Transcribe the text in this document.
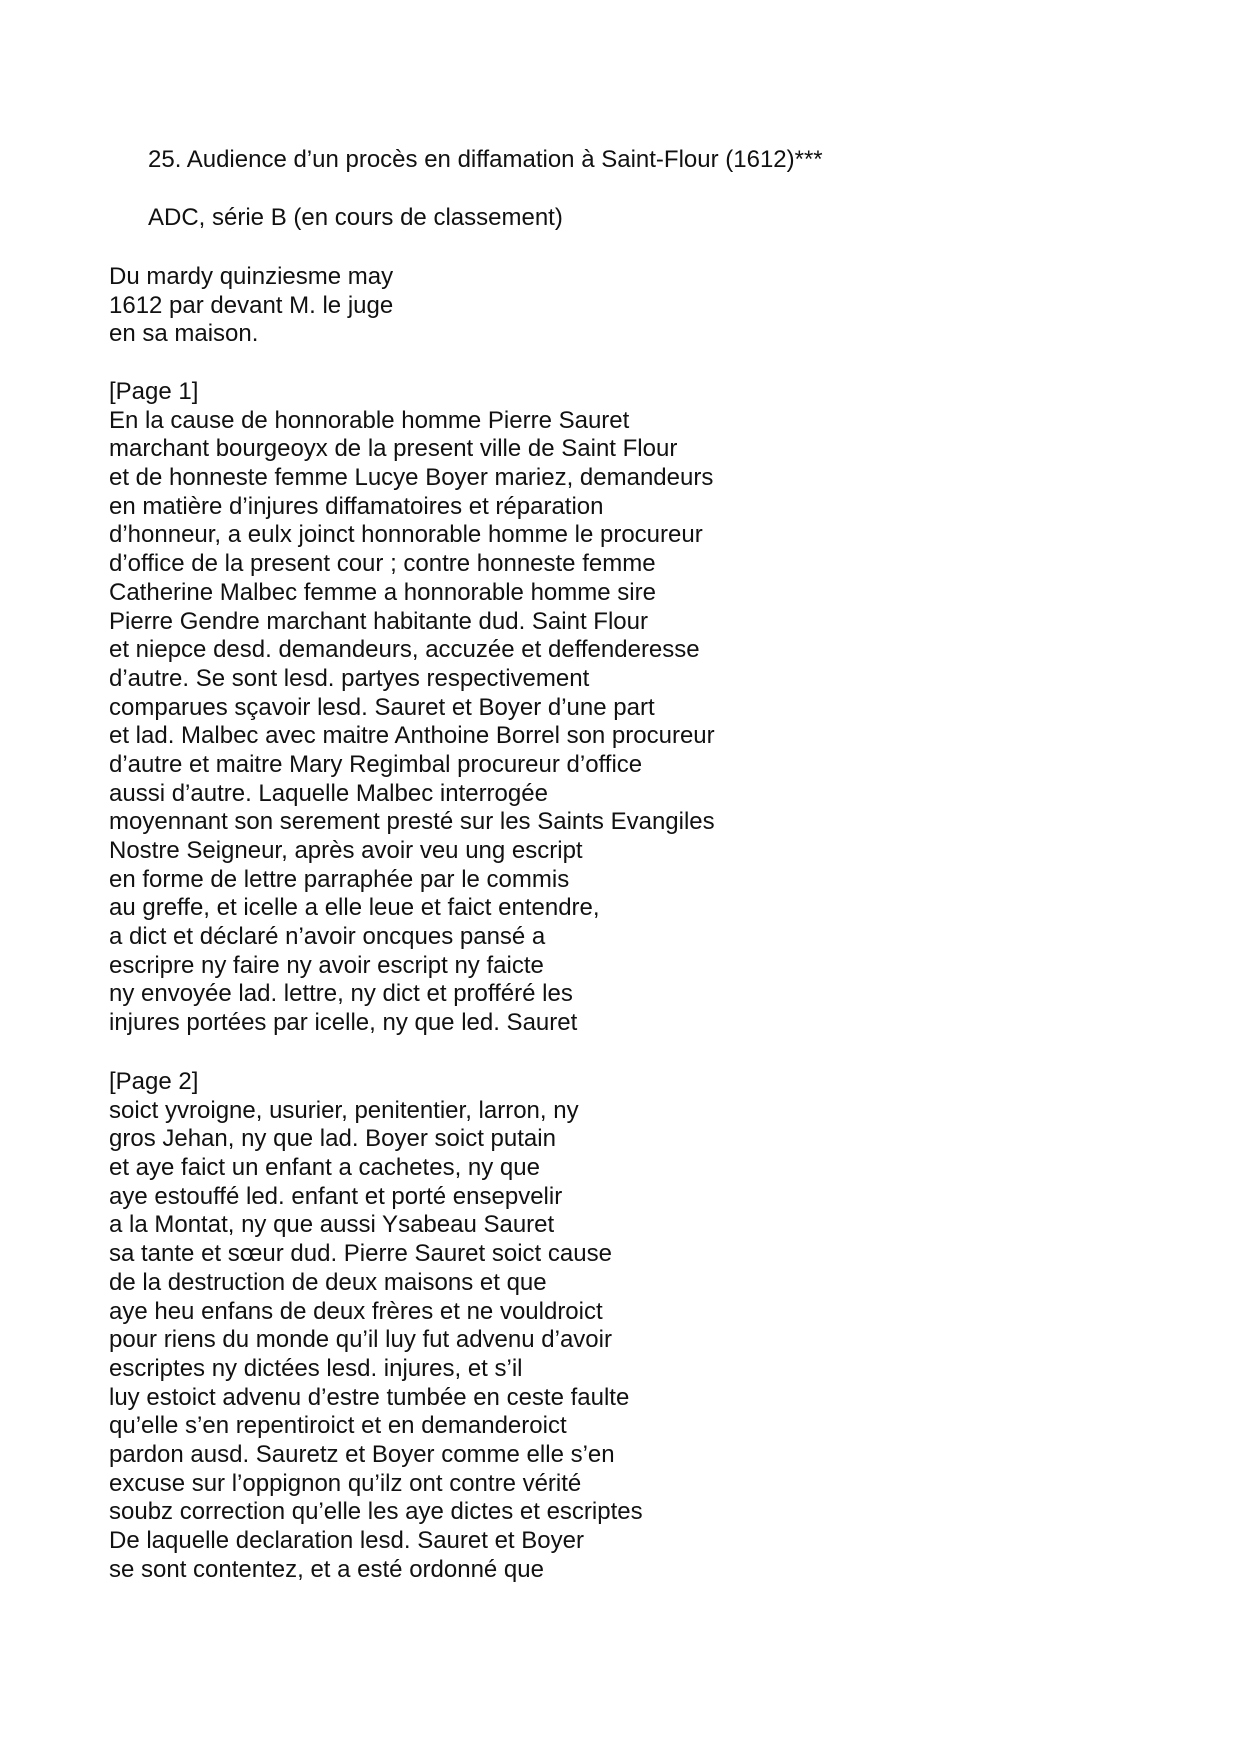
25. Audience d’un procès en diffamation à Saint-Flour (1612)***
ADC, série B (en cours de classement)
Du mardy quinziesme may
1612 par devant M. le juge
en sa maison.
[Page 1]
En la cause de honnorable homme Pierre Sauret
marchant bourgeoyx de la present ville de Saint Flour
et de honneste femme Lucye Boyer mariez, demandeurs
en matière d’injures diffamatoires et réparation
d’honneur, a eulx joinct honnorable homme le procureur
d’office de la present cour ; contre honneste femme
Catherine Malbec femme a honnorable homme sire
Pierre Gendre marchant habitante dud. Saint Flour
et niepce desd. demandeurs, accuzée et deffenderesse
d’autre. Se sont lesd. partyes respectivement
comparues sçavoir lesd. Sauret et Boyer d’une part
et lad. Malbec avec maitre Anthoine Borrel son procureur
d’autre et maitre Mary Regimbal procureur d’office
aussi d’autre. Laquelle Malbec interrogée
moyennant son serement presté sur les Saints Evangiles
Nostre Seigneur, après avoir veu ung escript
en forme de lettre parraphée par le commis
au greffe, et icelle a elle leue et faict entendre,
a dict et déclaré n’avoir oncques pansé a
escripre ny faire ny avoir escript ny faicte
ny envoyée lad. lettre, ny dict et profféré les
injures portées par icelle, ny que led. Sauret
[Page 2]
soict yvroigne, usurier, penitentier, larron, ny
gros Jehan, ny que lad. Boyer soict putain
et aye faict un enfant a cachetes, ny que
aye estouffé led. enfant et porté ensepvelir
a la Montat, ny que aussi Ysabeau Sauret
sa tante et sœur dud. Pierre Sauret soict cause
de la destruction de deux maisons et que
aye heu enfans de deux frères et ne vouldroict
pour riens du monde qu’il luy fut advenu d’avoir
escriptes ny dictées lesd. injures, et s’il
luy estoict advenu d’estre tumbée en ceste faulte
qu’elle s’en repentiroict et en demanderoict
pardon ausd. Sauretz et Boyer comme elle s’en
excuse sur l’oppignon qu’ilz ont contre vérité
soubz correction qu’elle les aye dictes et escriptes
De laquelle declaration lesd. Sauret et Boyer
se sont contentez, et a esté ordonné que
